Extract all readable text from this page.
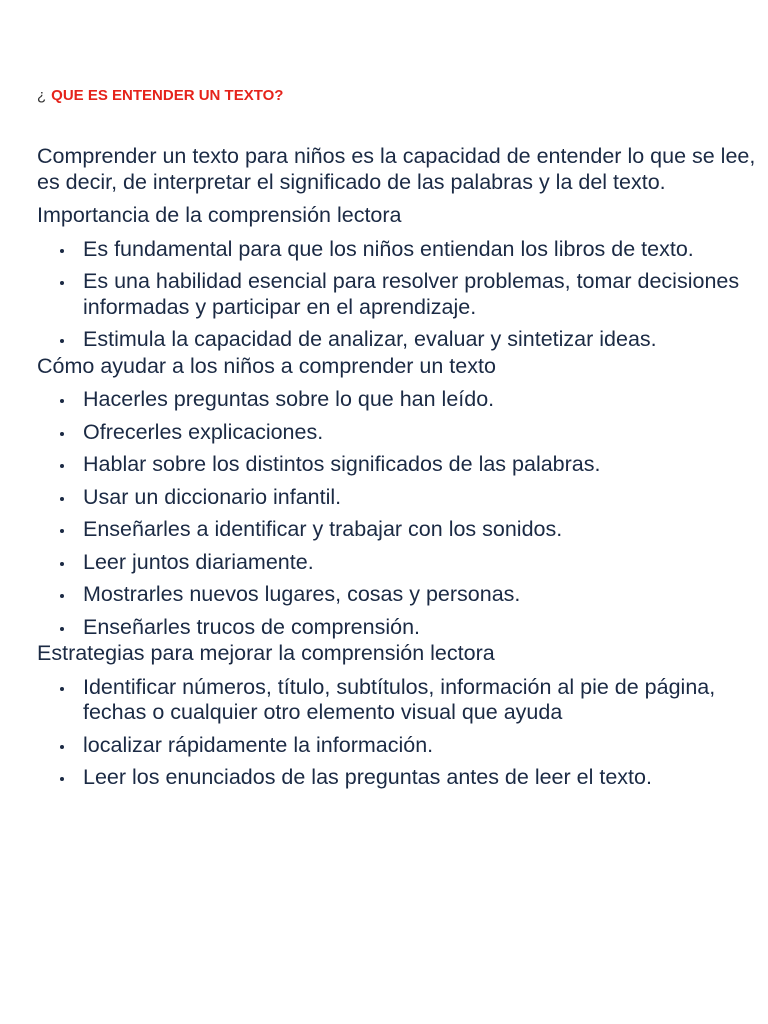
¿ QUE ES ENTENDER UN TEXTO?

Comprender un texto para niños es la capacidad de entender lo que se lee, es decir, de interpretar el significado de las palabras y la del texto.

Importancia de la comprensión lectora

Es fundamental para que los niños entiendan los libros de texto.
Es una habilidad esencial para resolver problemas, tomar decisiones informadas y participar en el aprendizaje.
Estimula la capacidad de analizar, evaluar y sintetizar ideas.

Cómo ayudar a los niños a comprender un texto

Hacerles preguntas sobre lo que han leído.
Ofrecerles explicaciones.
Hablar sobre los distintos significados de las palabras.
Usar un diccionario infantil.
Enseñarles a identificar y trabajar con los sonidos.
Leer juntos diariamente.
Mostrarles nuevos lugares, cosas y personas.
Enseñarles trucos de comprensión.

Estrategias para mejorar la comprensión lectora

Identificar números, título, subtítulos, información al pie de página, fechas o cualquier otro elemento visual que ayuda
localizar rápidamente la información.
Leer los enunciados de las preguntas antes de leer el texto.
